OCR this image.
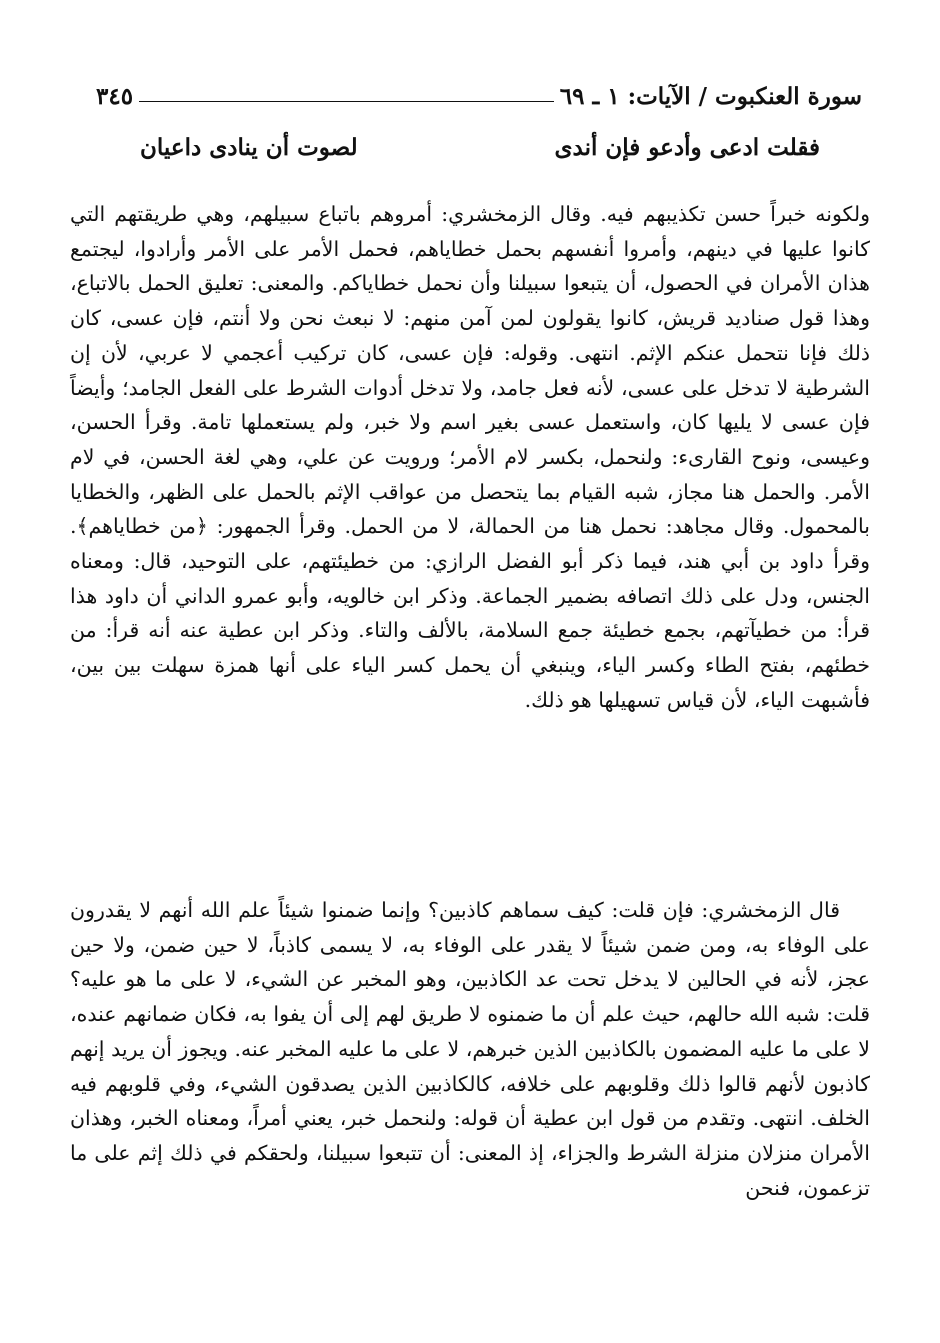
سورة العنكبوت / الآيات: ١ ـ ٦٩
٣٤٥
فقلت ادعى وأدعو فإن أندى
لصوت أن ينادى داعيان
ولكونه خبراً حسن تكذيبهم فيه. وقال الزمخشري: أمروهم باتباع سبيلهم، وهي طريقتهم التي كانوا عليها في دينهم، وأمروا أنفسهم بحمل خطاياهم، فحمل الأمر على الأمر وأرادوا، ليجتمع هذان الأمران في الحصول، أن يتبعوا سبيلنا وأن نحمل خطاياكم. والمعنى: تعليق الحمل بالاتباع، وهذا قول صناديد قريش، كانوا يقولون لمن آمن منهم: لا نبعث نحن ولا أنتم، فإن عسى، كان ذلك فإنا نتحمل عنكم الإثم. انتهى. وقوله: فإن عسى، كان تركيب أعجمي لا عربي، لأن إن الشرطية لا تدخل على عسى، لأنه فعل جامد، ولا تدخل أدوات الشرط على الفعل الجامد؛ وأيضاً فإن عسى لا يليها كان، واستعمل عسى بغير اسم ولا خبر، ولم يستعملها تامة. وقرأ الحسن، وعيسى، ونوح القارىء: ولنحمل، بكسر لام الأمر؛ ورويت عن علي، وهي لغة الحسن، في لام الأمر. والحمل هنا مجاز، شبه القيام بما يتحصل من عواقب الإثم بالحمل على الظهر، والخطايا بالمحمول. وقال مجاهد: نحمل هنا من الحمالة، لا من الحمل. وقرأ الجمهور: ﴿من خطاياهم﴾. وقرأ داود بن أبي هند، فيما ذكر أبو الفضل الرازي: من خطيئتهم، على التوحيد، قال: ومعناه الجنس، ودل على ذلك اتصافه بضمير الجماعة. وذكر ابن خالويه، وأبو عمرو الداني أن داود هذا قرأ: من خطيآتهم، بجمع خطيئة جمع السلامة، بالألف والتاء. وذكر ابن عطية عنه أنه قرأ: من خطئهم، بفتح الطاء وكسر الياء، وينبغي أن يحمل كسر الياء على أنها همزة سهلت بين بين، فأشبهت الياء، لأن قياس تسهيلها هو ذلك.
قال الزمخشري: فإن قلت: كيف سماهم كاذبين؟ وإنما ضمنوا شيئاً علم الله أنهم لا يقدرون على الوفاء به، ومن ضمن شيئاً لا يقدر على الوفاء به، لا يسمى كاذباً، لا حين ضمن، ولا حين عجز، لأنه في الحالين لا يدخل تحت عد الكاذبين، وهو المخبر عن الشيء، لا على ما هو عليه؟ قلت: شبه الله حالهم، حيث علم أن ما ضمنوه لا طريق لهم إلى أن يفوا به، فكان ضمانهم عنده، لا على ما عليه المضمون بالكاذبين الذين خبرهم، لا على ما عليه المخبر عنه. ويجوز أن يريد إنهم كاذبون لأنهم قالوا ذلك وقلوبهم على خلافه، كالكاذبين الذين يصدقون الشيء، وفي قلوبهم فيه الخلف. انتهى. وتقدم من قول ابن عطية أن قوله: ولنحمل خبر، يعني أمراً، ومعناه الخبر، وهذان الأمران منزلان منزلة الشرط والجزاء، إذ المعنى: أن تتبعوا سبيلنا، ولحقكم في ذلك إثم على ما تزعمون، فنحن
